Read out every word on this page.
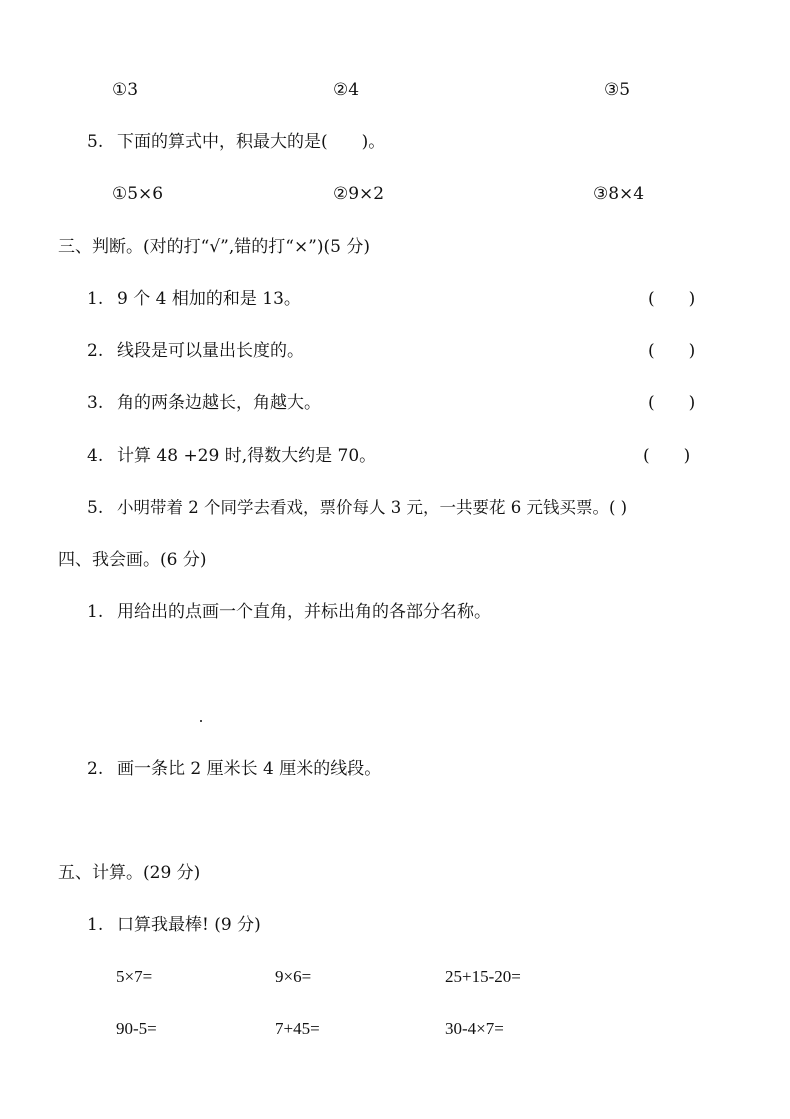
①3	②4	③5
5. 下面的算式中，积最大的是(　　)。
①5×6	②9×2	③8×4
三、判断。(对的打“√”,错的打“×”)(5 分)
1. 9 个 4 相加的和是 13。	(　　)
2. 线段是可以量出长度的。	(　　)
3. 角的两条边越长，角越大。	(　　)
4. 计算 48 +29 时,得数大约是 70。	(　　)
5. 小明带着 2 个同学去看戏，票价每人 3 元，一共要花 6 元钱买票。( )
四、我会画。(6 分)
1. 用给出的点画一个直角，并标出角的各部分名称。
2. 画一条比 2 厘米长 4 厘米的线段。
五、计算。(29 分)
1. 口算我最棒! (9 分)
5×7=	9×6=	25+15-20=
90-5=	7+45=	30-4×7=
